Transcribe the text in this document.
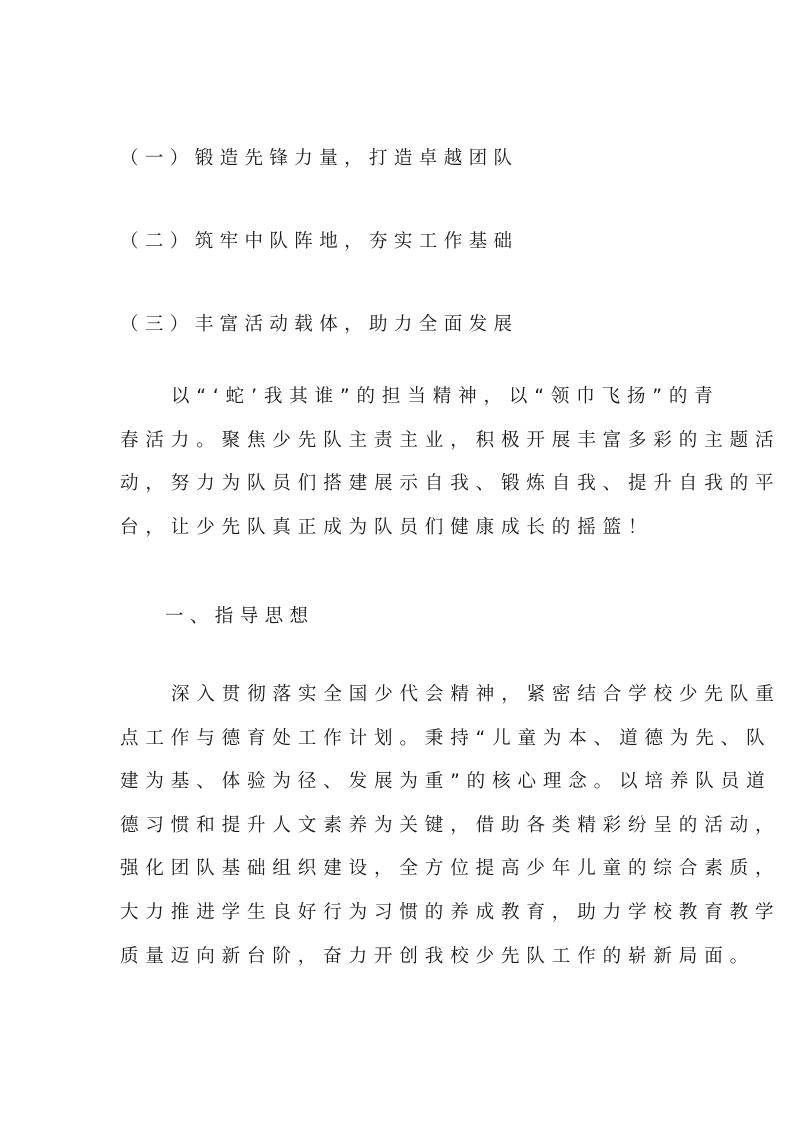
（一）锻造先锋力量，打造卓越团队
（二）筑牢中队阵地，夯实工作基础
（三）丰富活动载体，助力全面发展
以“‘蛇’我其谁”的担当精神，以“领巾飞扬”的青
春活力。聚焦少先队主责主业，积极开展丰富多彩的主题活
动，努力为队员们搭建展示自我、锻炼自我、提升自我的平
台，让少先队真正成为队员们健康成长的摇篮！
一、指导思想
深入贯彻落实全国少代会精神，紧密结合学校少先队重
点工作与德育处工作计划。秉持“儿童为本、道德为先、队
建为基、体验为径、发展为重”的核心理念。以培养队员道
德习惯和提升人文素养为关键，借助各类精彩纷呈的活动，
强化团队基础组织建设，全方位提高少年儿童的综合素质，
大力推进学生良好行为习惯的养成教育，助力学校教育教学
质量迈向新台阶，奋力开创我校少先队工作的崭新局面。
